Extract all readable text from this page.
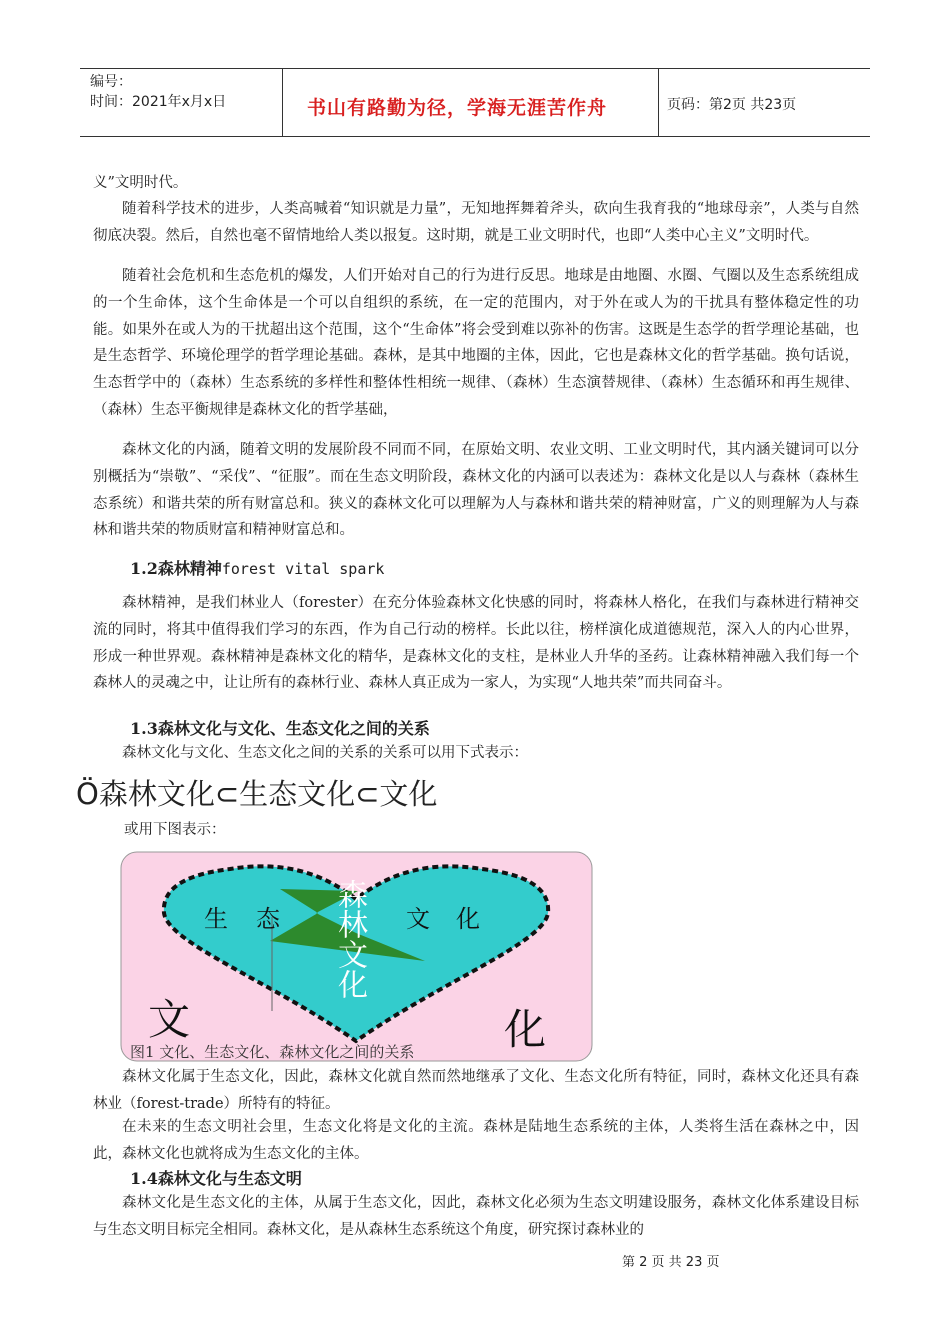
编号：
时间：2021年x月x日	书山有路勤为径，学海无涯苦作舟	页码：第2页 共23页

义”文明时代。

随着科学技术的进步，人类高喊着“知识就是力量”，无知地挥舞着斧头，砍向生我育我的“地球母亲”，人类与自然彻底决裂。然后，自然也毫不留情地给人类以报复。这时期，就是工业文明时代，也即“人类中心主义”文明时代。

随着社会危机和生态危机的爆发，人们开始对自己的行为进行反思。地球是由地圈、水圈、气圈以及生态系统组成的一个生命体，这个生命体是一个可以自组织的系统，在一定的范围内，对于外在或人为的干扰具有整体稳定性的功能。如果外在或人为的干扰超出这个范围，这个“生命体”将会受到难以弥补的伤害。这既是生态学的哲学理论基础，也是生态哲学、环境伦理学的哲学理论基础。森林，是其中地圈的主体，因此，它也是森林文化的哲学基础。换句话说，生态哲学中的（森林）生态系统的多样性和整体性相统一规律、（森林）生态演替规律、（森林）生态循环和再生规律、（森林）生态平衡规律是森林文化的哲学基础，

森林文化的内涵，随着文明的发展阶段不同而不同，在原始文明、农业文明、工业文明时代，其内涵关键词可以分别概括为“崇敬”、“采伐”、“征服”。而在生态文明阶段，森林文化的内涵可以表述为：森林文化是以人与森林（森林生态系统）和谐共荣的所有财富总和。狭义的森林文化可以理解为人与森林和谐共荣的精神财富，广义的则理解为人与森林和谐共荣的物质财富和精神财富总和。

1.2森林精神forest vital spark

森林精神，是我们林业人（forester）在充分体验森林文化快感的同时，将森林人格化，在我们与森林进行精神交流的同时，将其中值得我们学习的东西，作为自己行动的榜样。长此以往，榜样演化成道德规范，深入人的内心世界，形成一种世界观。森林精神是森林文化的精华，是森林文化的支柱，是林业人升华的圣药。让森林精神融入我们每一个森林人的灵魂之中，让让所有的森林行业、森林人真正成为一家人，为实现“人地共荣”而共同奋斗。

1.3森林文化与文化、生态文化之间的关系

森林文化与文化、生态文化之间的关系的关系可以用下式表示：

Ö森林文化⊂生态文化⊂文化
或用下图表示：
生 态	文 化
森林文化
文	化
图1 文化、生态文化、森林文化之间的关系

森林文化属于生态文化，因此，森林文化就自然而然地继承了文化、生态文化所有特征，同时，森林文化还具有森林业（forest-trade）所特有的特征。

在未来的生态文明社会里，生态文化将是文化的主流。森林是陆地生态系统的主体，人类将生活在森林之中，因此，森林文化也就将成为生态文化的主体。

1.4森林文化与生态文明

森林文化是生态文化的主体，从属于生态文化，因此，森林文化必须为生态文明建设服务，森林文化体系建设目标与生态文明目标完全相同。森林文化，是从森林生态系统这个角度，研究探讨森林业的

第 2 页 共 23 页
